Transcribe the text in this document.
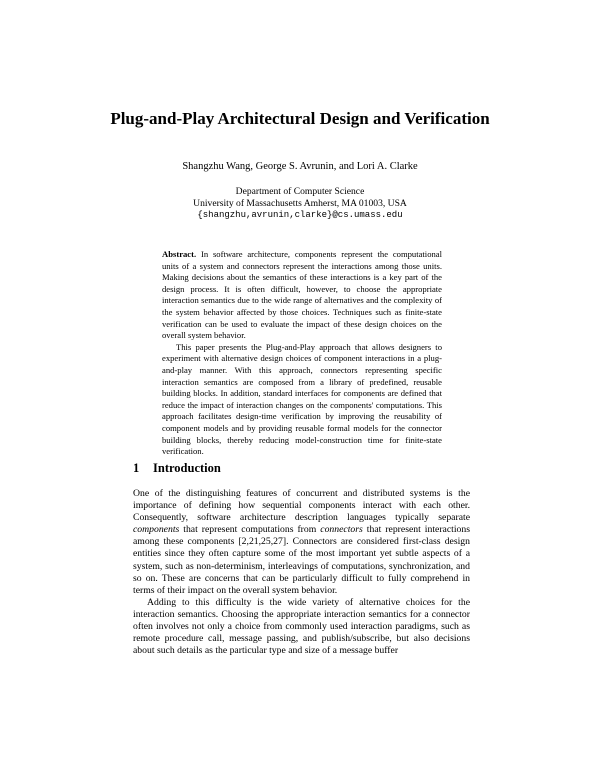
Plug-and-Play Architectural Design and Verification
Shangzhu Wang, George S. Avrunin, and Lori A. Clarke
Department of Computer Science
University of Massachusetts Amherst, MA 01003, USA
{shangzhu,avrunin,clarke}@cs.umass.edu

Abstract. In software architecture, components represent the computational units of a system and connectors represent the interactions among those units. Making decisions about the semantics of these interactions is a key part of the design process. It is often difficult, however, to choose the appropriate interaction semantics due to the wide range of alternatives and the complexity of the system behavior affected by those choices. Techniques such as finite-state verification can be used to evaluate the impact of these design choices on the overall system behavior.

This paper presents the Plug-and-Play approach that allows designers to experiment with alternative design choices of component interactions in a plug-and-play manner. With this approach, connectors representing specific interaction semantics are composed from a library of predefined, reusable building blocks. In addition, standard interfaces for components are defined that reduce the impact of interaction changes on the components' computations. This approach facilitates design-time verification by improving the reusability of component models and by providing reusable formal models for the connector building blocks, thereby reducing model-construction time for finite-state verification.

1 Introduction

One of the distinguishing features of concurrent and distributed systems is the importance of defining how sequential components interact with each other. Consequently, software architecture description languages typically separate components that represent computations from connectors that represent interactions among these components [2,21,25,27]. Connectors are considered first-class design entities since they often capture some of the most important yet subtle aspects of a system, such as non-determinism, interleavings of computations, synchronization, and so on. These are concerns that can be particularly difficult to fully comprehend in terms of their impact on the overall system behavior.

Adding to this difficulty is the wide variety of alternative choices for the interaction semantics. Choosing the appropriate interaction semantics for a connector often involves not only a choice from commonly used interaction paradigms, such as remote procedure call, message passing, and publish/subscribe, but also decisions about such details as the particular type and size of a message buffer
